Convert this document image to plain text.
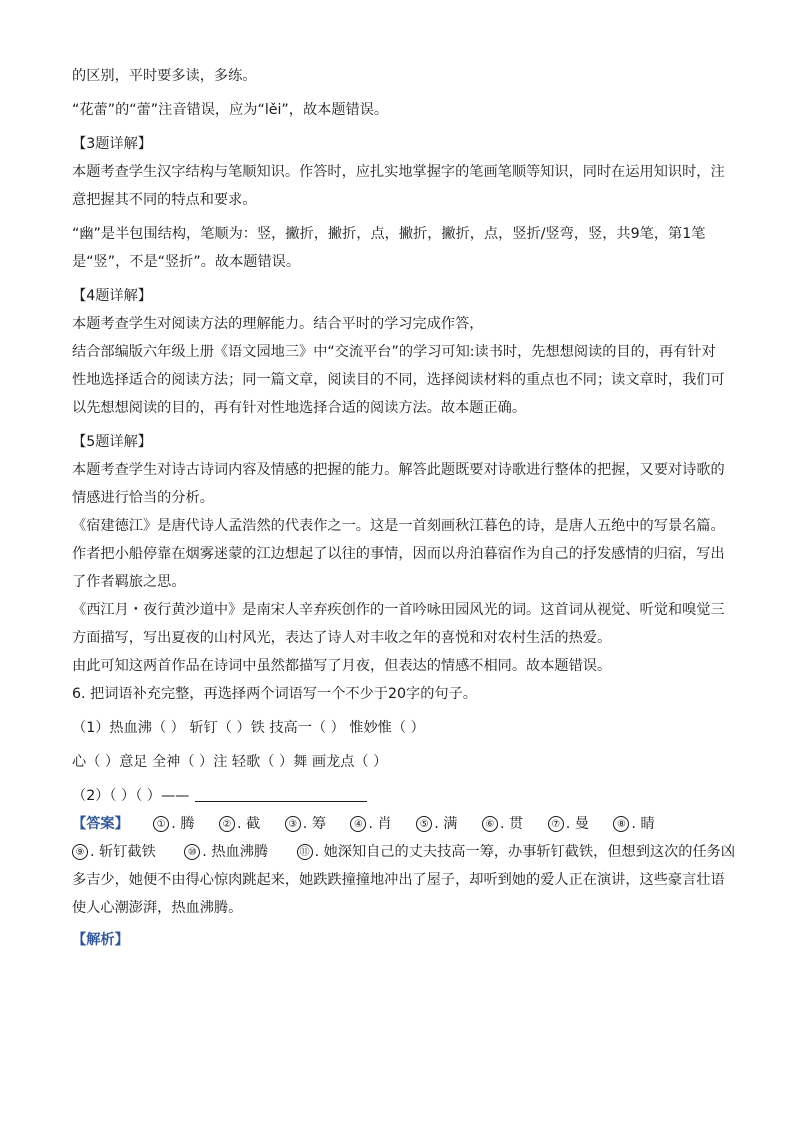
的区别，平时要多读，多练。
“花蕾”的“蕾”注音错误，应为“lěi”，故本题错误。
【3题详解】
本题考查学生汉字结构与笔顺知识。作答时，应扎实地掌握字的笔画笔顺等知识，同时在运用知识时，注
意把握其不同的特点和要求。
“幽”是半包围结构，笔顺为：竖，撇折，撇折，点，撇折，撇折，点，竖折/竖弯，竖，共9笔，第1笔
是“竖”，不是“竖折”。故本题错误。
【4题详解】
本题考查学生对阅读方法的理解能力。结合平时的学习完成作答，
结合部编版六年级上册《语文园地三》中“交流平台”的学习可知:读书时，先想想阅读的目的，再有针对
性地选择适合的阅读方法；同一篇文章，阅读目的不同，选择阅读材料的重点也不同；读文章时，我们可
以先想想阅读的目的，再有针对性地选择合适的阅读方法。故本题正确。
【5题详解】
本题考查学生对诗古诗词内容及情感的把握的能力。解答此题既要对诗歌进行整体的把握，又要对诗歌的
情感进行恰当的分析。
《宿建德江》是唐代诗人孟浩然的代表作之一。这是一首刻画秋江暮色的诗，是唐人五绝中的写景名篇。
作者把小船停靠在烟雾迷蒙的江边想起了以往的事情，因而以舟泊暮宿作为自己的抒发感情的归宿，写出
了作者羁旅之思。
《西江月・夜行黄沙道中》是南宋人辛弃疾创作的一首吟咏田园风光的词。这首词从视觉、听觉和嗅觉三
方面描写，写出夏夜的山村风光，表达了诗人对丰收之年的喜悦和对农村生活的热爱。
由此可知这两首作品在诗词中虽然都描写了月夜，但表达的情感不相同。故本题错误。
6. 把词语补充完整，再选择两个词语写一个不少于20字的句子。
（1）热血沸（ ） 斩钉（ ）铁 技高一（ ） 惟妙惟（ ）
心（ ）意足 全神（ ）注 轻歌（ ）舞 画龙点（ ）
（2）（ ）（ ）——
【答案】	① . 腾	② . 截	③ . 筹	④ . 肖	⑤ . 满	⑥ . 贯	⑦ . 曼	⑧ . 睛
⑨ . 斩钉截铁	⑩ . 热血沸腾	⑪ . 她深知自己的丈夫技高一筹，办事斩钉截铁，但想到这次的任务凶
多吉少，她便不由得心惊肉跳起来，她跌跌撞撞地冲出了屋子，却听到她的爱人正在演讲，这些豪言壮语
使人心潮澎湃，热血沸腾。
【解析】
